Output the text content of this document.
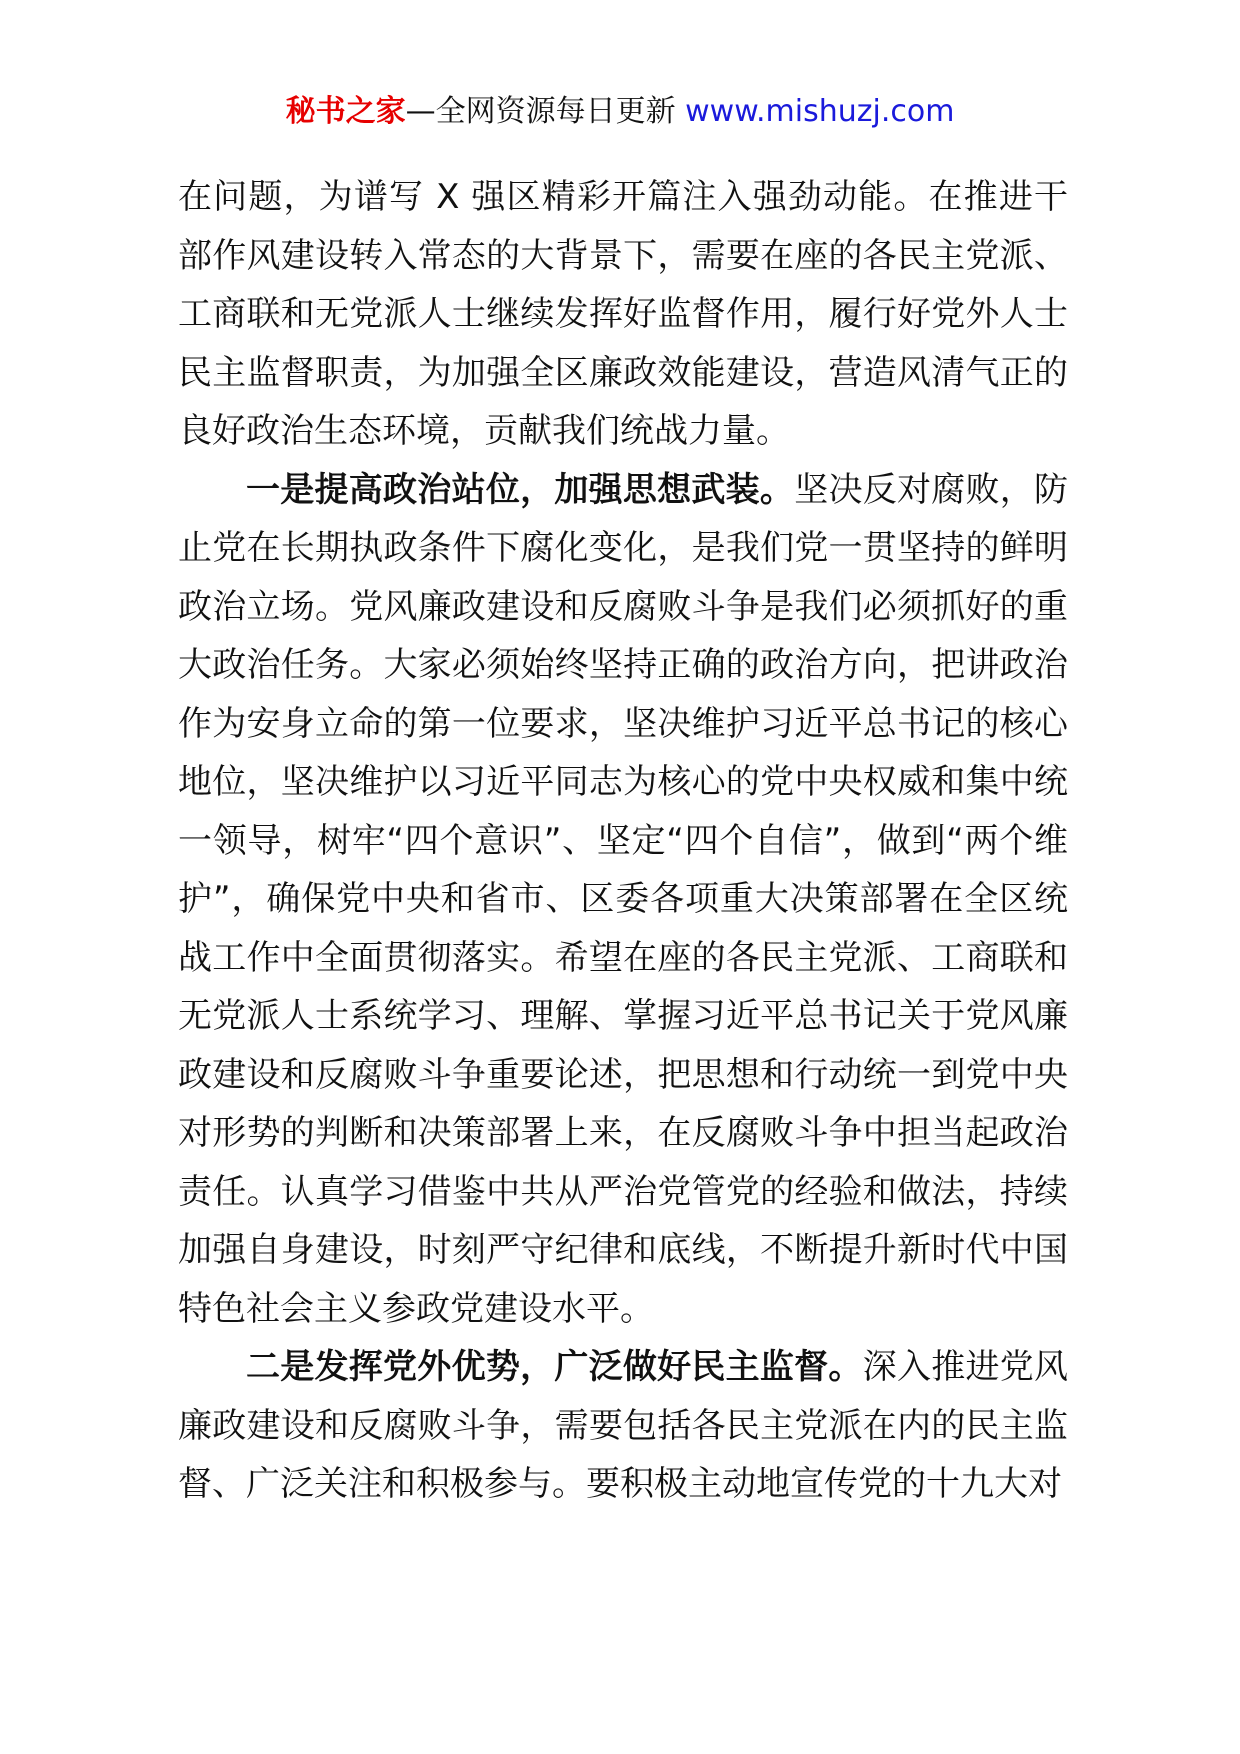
秘书之家—全网资源每日更新 www.mishuzj.com

在问题，为谱写 X 强区精彩开篇注入强劲动能。在推进干部作风建设转入常态的大背景下，需要在座的各民主党派、工商联和无党派人士继续发挥好监督作用，履行好党外人士民主监督职责，为加强全区廉政效能建设，营造风清气正的良好政治生态环境，贡献我们统战力量。

一是提高政治站位，加强思想武装。坚决反对腐败，防止党在长期执政条件下腐化变化，是我们党一贯坚持的鲜明政治立场。党风廉政建设和反腐败斗争是我们必须抓好的重大政治任务。大家必须始终坚持正确的政治方向，把讲政治作为安身立命的第一位要求，坚决维护习近平总书记的核心地位，坚决维护以习近平同志为核心的党中央权威和集中统一领导，树牢“四个意识”、坚定“四个自信”，做到“两个维护”，确保党中央和省市、区委各项重大决策部署在全区统战工作中全面贯彻落实。希望在座的各民主党派、工商联和无党派人士系统学习、理解、掌握习近平总书记关于党风廉政建设和反腐败斗争重要论述，把思想和行动统一到党中央对形势的判断和决策部署上来，在反腐败斗争中担当起政治责任。认真学习借鉴中共从严治党管党的经验和做法，持续加强自身建设，时刻严守纪律和底线，不断提升新时代中国特色社会主义参政党建设水平。

二是发挥党外优势，广泛做好民主监督。深入推进党风廉政建设和反腐败斗争，需要包括各民主党派在内的民主监督、广泛关注和积极参与。要积极主动地宣传党的十九大对
